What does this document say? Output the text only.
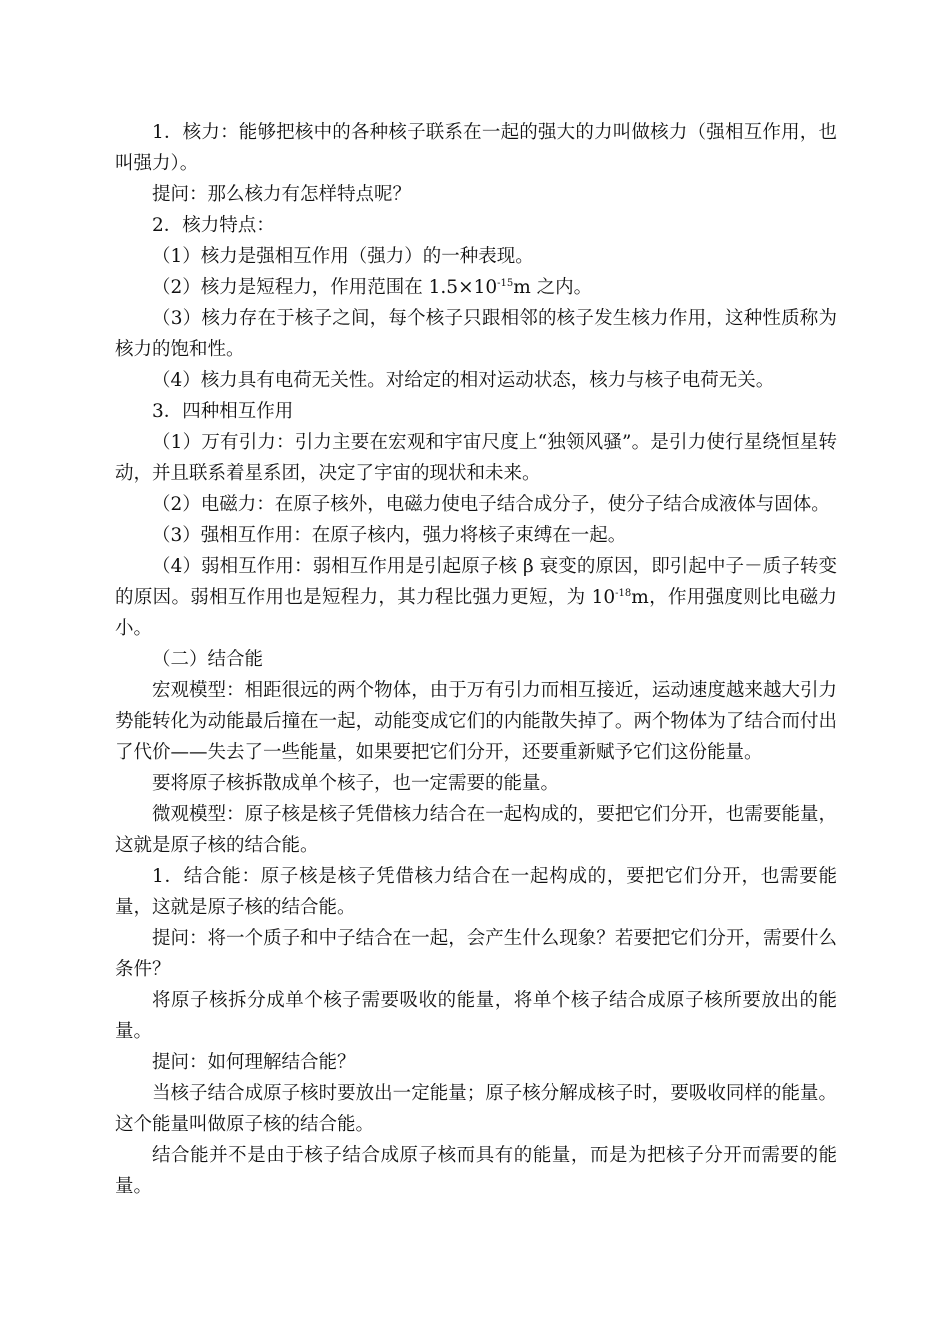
1．核力：能够把核中的各种核子联系在一起的强大的力叫做核力（强相互作用，也叫强力）。

提问：那么核力有怎样特点呢？

2．核力特点：

（1）核力是强相互作用（强力）的一种表现。

（2）核力是短程力，作用范围在 $1.5\times 10^{-15}m$ 之内。

（3）核力存在于核子之间，每个核子只跟相邻的核子发生核力作用，这种性质称为核力的饱和性。

（4）核力具有电荷无关性。对给定的相对运动状态，核力与核子电荷无关。

3．四种相互作用

（1）万有引力：引力主要在宏观和宇宙尺度上“独领风骚”。是引力使行星绕恒星转动，并且联系着星系团，决定了宇宙的现状和未来。

（2）电磁力：在原子核外，电磁力使电子结合成分子，使分子结合成液体与固体。

（3）强相互作用：在原子核内，强力将核子束缚在一起。

（4）弱相互作用：弱相互作用是引起原子核 β 衰变的原因，即引起中子－质子转变的原因。弱相互作用也是短程力，其力程比强力更短，为 $10^{-18}m$，作用强度则比电磁力小。

（二）结合能

宏观模型：相距很远的两个物体，由于万有引力而相互接近，运动速度越来越大引力势能转化为动能最后撞在一起，动能变成它们的内能散失掉了。两个物体为了结合而付出了代价——失去了一些能量，如果要把它们分开，还要重新赋予它们这份能量。

要将原子核拆散成单个核子，也一定需要的能量。

微观模型：原子核是核子凭借核力结合在一起构成的，要把它们分开，也需要能量，这就是原子核的结合能。

1．结合能：原子核是核子凭借核力结合在一起构成的，要把它们分开，也需要能量，这就是原子核的结合能。

提问：将一个质子和中子结合在一起，会产生什么现象？若要把它们分开，需要什么条件？

将原子核拆分成单个核子需要吸收的能量，将单个核子结合成原子核所要放出的能量。

提问：如何理解结合能？

当核子结合成原子核时要放出一定能量；原子核分解成核子时，要吸收同样的能量。这个能量叫做原子核的结合能。

结合能并不是由于核子结合成原子核而具有的能量，而是为把核子分开而需要的能量。
